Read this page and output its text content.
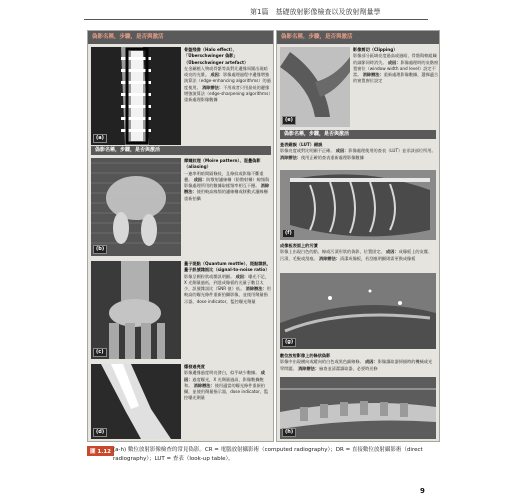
第1篇　基礎放射影像檢查以及放射劑量學
偽影名稱，步驟，是否與激活
(a)
骨盤殘像（Halo effect）、「Überschwinger 偽影」（Überschwinger artefact）
在金屬植入物或骨骼等高對比邊緣周圍出現暗或亮的光暈。 成因：影像處理過程中邊緣增強演算法（edge-enhancing algorithms）的過度使用。 消除辦法：不用或者只用最低的邊緣增強演算法（edge-sharpening algorithms）重新處理影像數據
偽影名稱，步驟，是否與激活
(b)
摩爾紋理（Moire pattern）、混疊偽影（aliasing）
一連串明暗間隔條紋，且條紋或影像不斷重疊。 成因：防散射濾線柵（防散射柵）線頻與影像處理所用的數據取樣頻率相互干擾。 消除辦法：使用較高線頻的濾線柵或移動式濾線柵重新拍攝
(c)
量子斑點（Quantum mottle）、斑點雜訊，量子訊號雜訊比（signal-to-noise ratio）
影像呈顆粒狀或雜訊明顯。 成因：曝光不足，X 光劑量過低，到達成像板的光量子數目太少，訊號雜訊比（SNR 值）低。 消除辦法：用較高的曝光條件重新拍攝影像，並使用劑量指示器，dose indicator，監控曝光劑量
(d)
爆發過亮度
影像邊緣過度明亮發白，似乎缺少數據。 成因：過度曝光，X 光劑量過高，影像數據飽和。 消除辦法：使用適當的曝光條件重新拍攝，並使用劑量指示器，dose indicator，監控曝光劑量
偽影名稱，步驟，是否與激活
(e)
影像剪切（Clipping）
影像部分區域亮度過高或過暗，骨骼與軟組織的細節同時消失。 成因：影像處理時的灰階窗寬窗位（window width and level）設定不當。 消除辦法：重新處理影像數據，選擇適合的窗寬窗位設定
偽影名稱，步驟，是否與激活
查表錯誤（LUT）錯誤
影像亮度或對比明顯不正確。 成因：影像處理使用的查表（LUT）並非該部位所用。 消除辦法：使用正確的查表重新處理影像數據
(f)
成像板表面上的污漬
影像上出現白色的點、線或污漬形狀的偽影，位置固定。 成因：成像板上的灰塵、污漬、毛髮或刮痕。 消除辦法：清潔成像板，若刮痕明顯則需更換成像板
(g)
數位放射影像上的條狀偽影
影像中出現橫向或縱向的白色或黑色細線條。 成因：影像讀取器掃描時的機械或光學問題。 消除辦法：檢查並清潔讀取器，必要時送修
(h)
圖 1.12 (a-h) 數位放射影像檢查的常見偽影。CR = 電腦放射攝影術（computed radiography）；DR = 直接數位放射攝影術（direct radiography）；LUT = 查表（look-up table）。
9
